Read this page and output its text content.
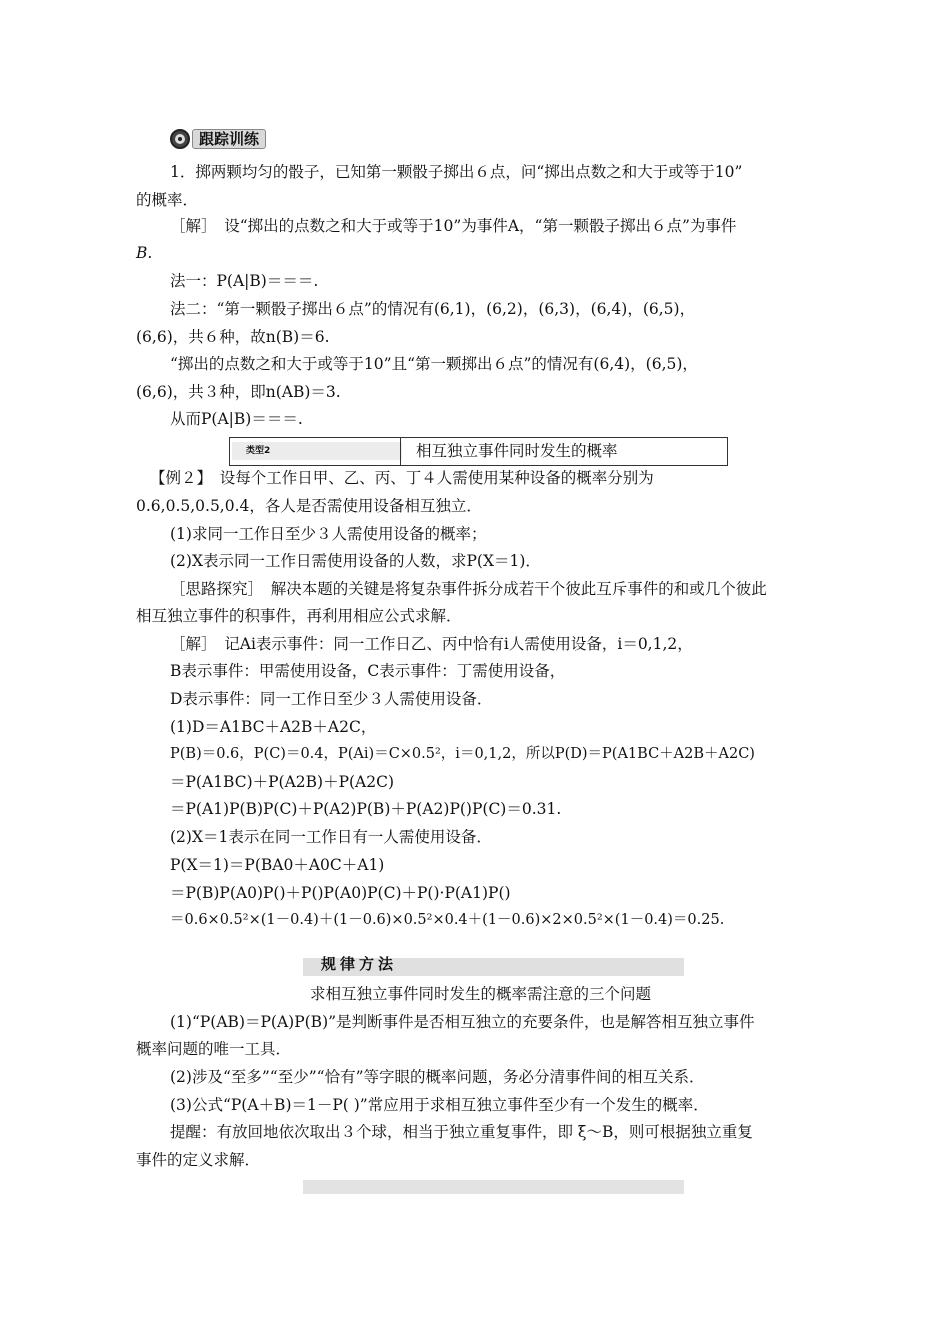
跟踪训练
1．掷两颗均匀的骰子，已知第一颗骰子掷出６点，问“掷出点数之和大于或等于10”
的概率．
［解］　设“掷出的点数之和大于或等于10”为事件A，“第一颗骰子掷出６点”为事件
B.
法一：P(A|B)＝＝＝.
法二：“第一颗骰子掷出６点”的情况有(6,1)，(6,2)，(6,3)，(6,4)，(6,5)，
(6,6)，共６种，故n(B)＝6.
“掷出的点数之和大于或等于10”且“第一颗掷出６点”的情况有(6,4)，(6,5)，
(6,6)，共３种，即n(AB)＝3.
从而P(A|B)＝＝＝.
类型2	相互独立事件同时发生的概率
【例２】　设每个工作日甲、乙、丙、丁４人需使用某种设备的概率分别为
0.6,0.5,0.5,0.4，各人是否需使用设备相互独立．
(1)求同一工作日至少３人需使用设备的概率；
(2)X表示同一工作日需使用设备的人数，求P(X＝1)．
［思路探究］　解决本题的关键是将复杂事件拆分成若干个彼此互斥事件的和或几个彼此
相互独立事件的积事件，再利用相应公式求解．
［解］　记Ai表示事件：同一工作日乙、丙中恰有i人需使用设备，i＝0,1,2，
B表示事件：甲需使用设备，C表示事件：丁需使用设备，
D表示事件：同一工作日至少３人需使用设备．
(1)D＝A1BC＋A2B＋A2C，
P(B)＝0.6，P(C)＝0.4，P(Ai)＝C×0.5²，i＝0,1,2，所以P(D)＝P(A1BC＋A2B＋A2C)
＝P(A1BC)＋P(A2B)＋P(A2C)
＝P(A1)P(B)P(C)＋P(A2)P(B)＋P(A2)P()P(C)＝0.31.
(2)X＝1表示在同一工作日有一人需使用设备．
P(X＝1)＝P(BA0＋A0C＋A1)
＝P(B)P(A0)P()＋P()P(A0)P(C)＋P()·P(A1)P()
＝0.6×0.5²×(1－0.4)＋(1－0.6)×0.5²×0.4＋(1－0.6)×2×0.5²×(1－0.4)＝0.25.
规律方法
求相互独立事件同时发生的概率需注意的三个问题
(1)“P(AB)＝P(A)P(B)”是判断事件是否相互独立的充要条件，也是解答相互独立事件
概率问题的唯一工具．
(2)涉及“至多”“至少”“恰有”等字眼的概率问题，务必分清事件间的相互关系．
(3)公式“P(A＋B)＝1－P( )”常应用于求相互独立事件至少有一个发生的概率．
提醒：有放回地依次取出３个球，相当于独立重复事件，即 ξ～B，则可根据独立重复
事件的定义求解．
